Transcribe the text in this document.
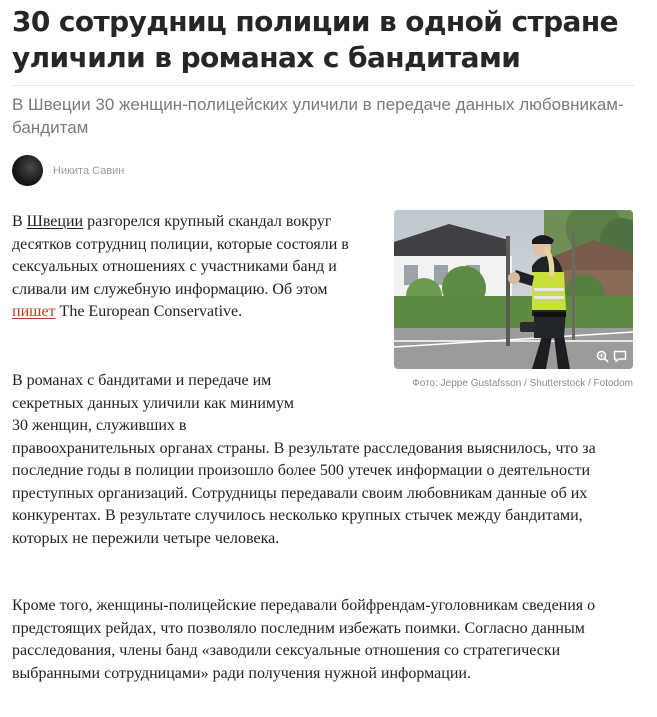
30 сотрудниц полиции в одной стране уличили в романах с бандитами

В Швеции 30 женщин-полицейских уличили в передаче данных любовникам-бандитам

Никита Савин

В Швеции разгорелся крупный скандал вокруг десятков сотрудниц полиции, которые состояли в сексуальных отношениях с участниками банд и сливали им служебную информацию. Об этом пишет The European Conservative.

Фото: Jeppe Gustafsson / Shutterstock / Fotodom

В романах с бандитами и передаче им
секретных данных уличили как минимум
30 женщин, служивших в
правоохранительных органах страны. В результате расследования выяснилось, что за последние годы в полиции произошло более 500 утечек информации о деятельности преступных организаций. Сотрудницы передавали своим любовникам данные об их конкурентах. В результате случилось несколько крупных стычек между бандитами, которых не пережили четыре человека.

Кроме того, женщины-полицейские передавали бойфрендам-уголовникам сведения о предстоящих рейдах, что позволяло последним избежать поимки. Согласно данным расследования, члены банд «заводили сексуальные отношения со стратегически выбранными сотрудницами» ради получения нужной информации.
